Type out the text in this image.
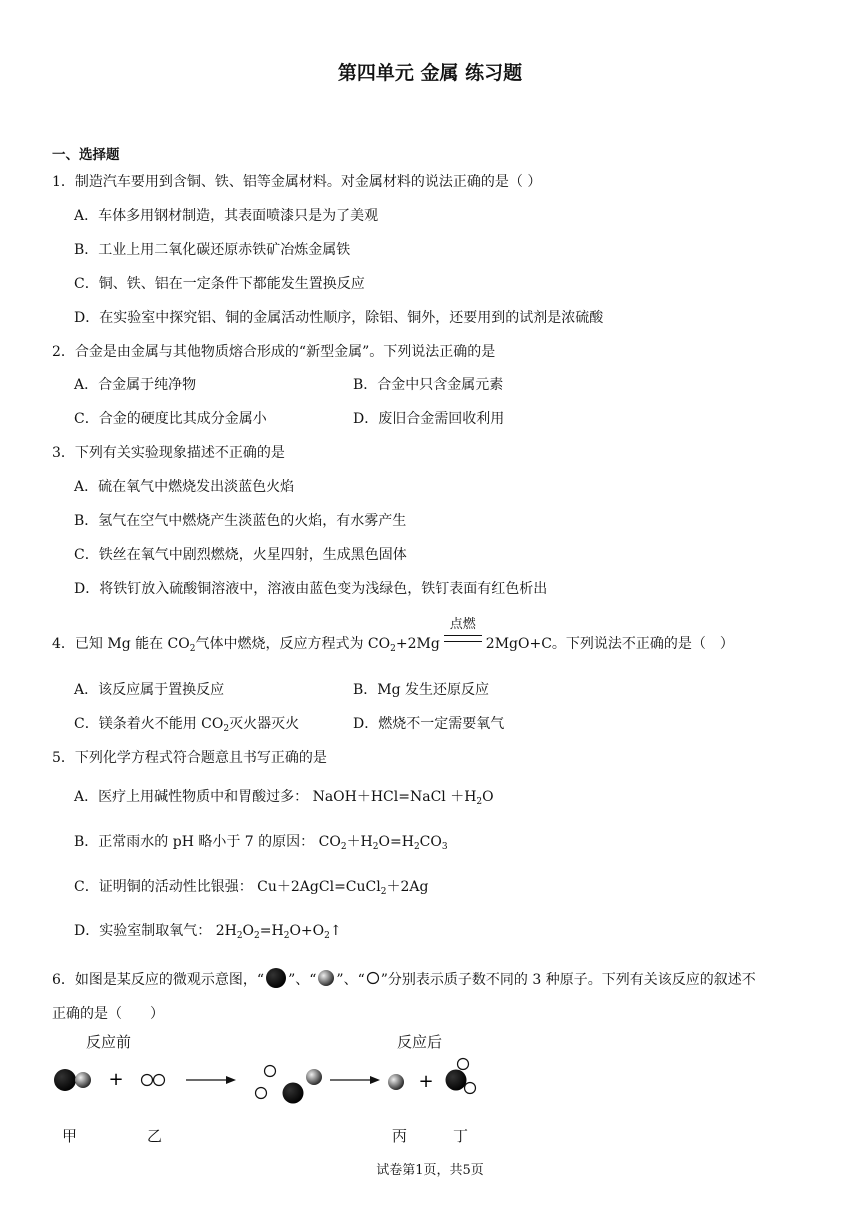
第四单元 金属 练习题
一、选择题
1．制造汽车要用到含铜、铁、铝等金属材料。对金属材料的说法正确的是（ ）
A．车体多用钢材制造，其表面喷漆只是为了美观
B．工业上用二氧化碳还原赤铁矿冶炼金属铁
C．铜、铁、铝在一定条件下都能发生置换反应
D．在实验室中探究铝、铜的金属活动性顺序，除铝、铜外，还要用到的试剂是浓硫酸
2．合金是由金属与其他物质熔合形成的“新型金属”。下列说法正确的是
A．合金属于纯净物	B．合金中只含金属元素
C．合金的硬度比其成分金属小	D．废旧合金需回收利用
3．下列有关实验现象描述不正确的是
A．硫在氧气中燃烧发出淡蓝色火焰
B．氢气在空气中燃烧产生淡蓝色的火焰，有水雾产生
C．铁丝在氧气中剧烈燃烧，火星四射，生成黑色固体
D．将铁钉放入硫酸铜溶液中，溶液由蓝色变为浅绿色，铁钉表面有红色析出
4．已知 Mg 能在 $CO_2$气体中燃烧，反应方程式为 $CO_2+2Mg$
点燃
2MgO+C。下列说法不正确的是（　）
A．该反应属于置换反应	B．Mg 发生还原反应
C．镁条着火不能用 $CO_2$灭火器灭火	D．燃烧不一定需要氧气
5．下列化学方程式符合题意且书写正确的是
A．医疗上用碱性物质中和胃酸过多： NaOH＋HCl=NaCl $+H_2O$
B．正常雨水的 pH 略小于 7 的原因： $CO_2+H_2O=H_2CO_3$
C．证明铜的活动性比银强： Cu＋2AgCl=CuCl$_2$＋2Ag
D．实验室制取氧气： $2H_2O_2=H_2O+O_2↑$
6．如图是某反应的微观示意图，“ ”、“ ”、“ ”分别表示质子数不同的 3 种原子。下列有关该反应的叙述不
正确的是（　　）
反应前	反应后
+	+
甲	乙	丙	丁
试卷第1页，共5页
